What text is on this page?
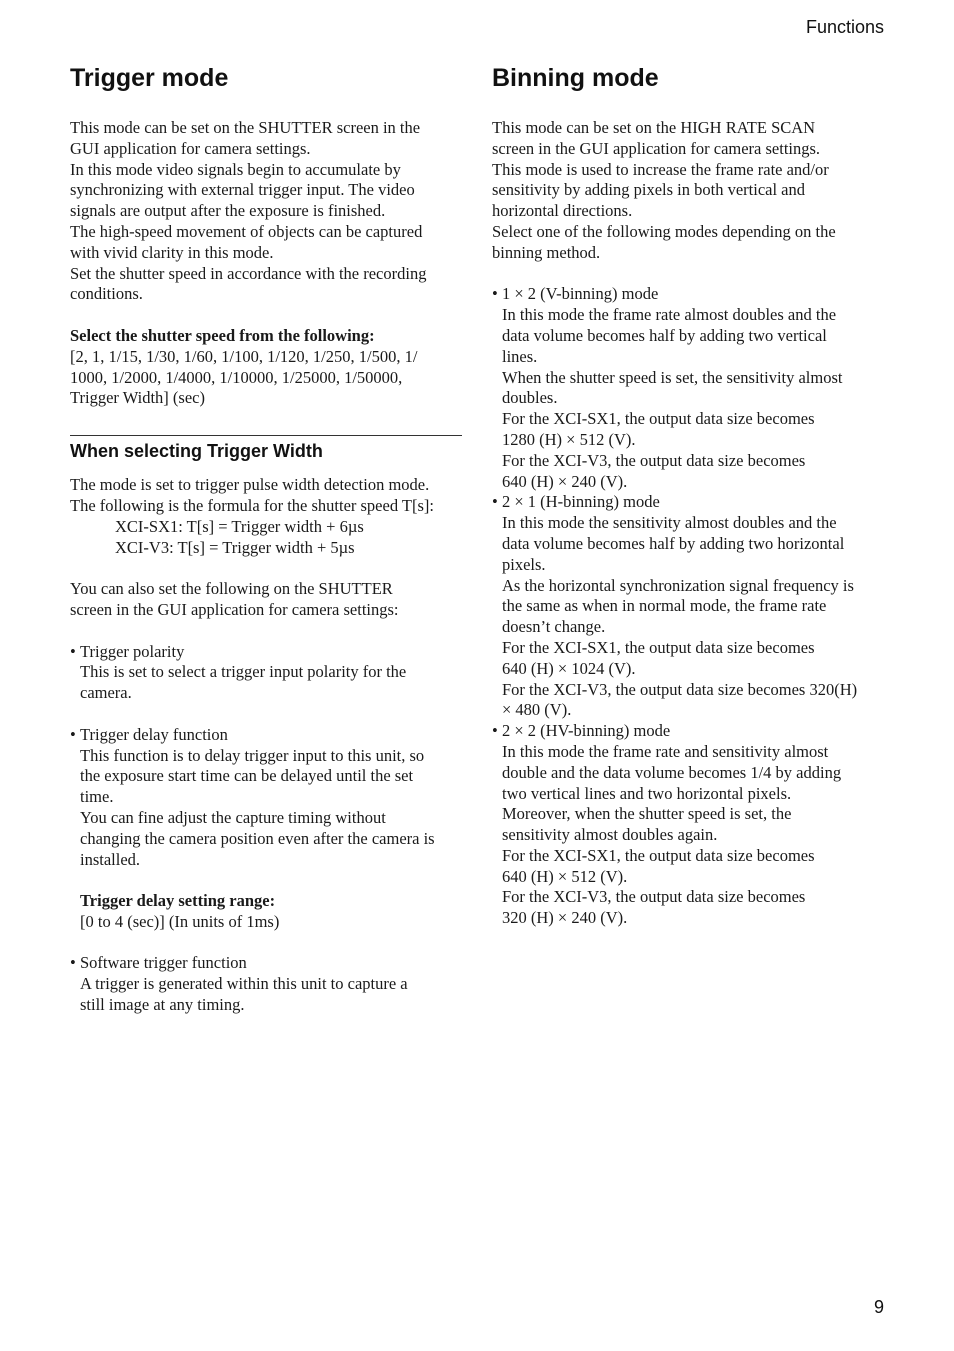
Functions
Trigger mode
This mode can be set on the SHUTTER screen in the
GUI application for camera settings.
In this mode video signals begin to accumulate by
synchronizing with external trigger input. The video
signals are output after the exposure is finished.
The high-speed movement of objects can be captured
with vivid clarity in this mode.
Set the shutter speed in accordance with the recording
conditions.
Select the shutter speed from the following:
[2, 1, 1/15, 1/30, 1/60, 1/100, 1/120, 1/250, 1/500, 1/
1000, 1/2000, 1/4000, 1/10000, 1/25000, 1/50000,
Trigger Width] (sec)
When selecting Trigger Width
The mode is set to trigger pulse width detection mode.
The following is the formula for the shutter speed T[s]:
XCI-SX1: T[s] = Trigger width + 6µs
XCI-V3: T[s] = Trigger width + 5µs
You can also set the following on the SHUTTER
screen in the GUI application for camera settings:
• Trigger polarity
This is set to select a trigger input polarity for the
camera.
• Trigger delay function
This function is to delay trigger input to this unit, so
the exposure start time can be delayed until the set
time.
You can fine adjust the capture timing without
changing the camera position even after the camera is
installed.
Trigger delay setting range:
[0 to 4 (sec)] (In units of 1ms)
• Software trigger function
A trigger is generated within this unit to capture a
still image at any timing.
Binning mode
This mode can be set on the HIGH RATE SCAN
screen in the GUI application for camera settings.
This mode is used to increase the frame rate and/or
sensitivity by adding pixels in both vertical and
horizontal directions.
Select one of the following modes depending on the
binning method.
• 1 × 2 (V-binning) mode
In this mode the frame rate almost doubles and the
data volume becomes half by adding two vertical
lines.
When the shutter speed is set, the sensitivity almost
doubles.
For the XCI-SX1, the output data size becomes
1280 (H) × 512 (V).
For the XCI-V3, the output data size becomes
640 (H) × 240 (V).
• 2 × 1 (H-binning) mode
In this mode the sensitivity almost doubles and the
data volume becomes half by adding two horizontal
pixels.
As the horizontal synchronization signal frequency is
the same as when in normal mode, the frame rate
doesn’t change.
For the XCI-SX1, the output data size becomes
640 (H) × 1024 (V).
For the XCI-V3, the output data size becomes 320(H)
× 480 (V).
• 2 × 2 (HV-binning) mode
In this mode the frame rate and sensitivity almost
double and the data volume becomes 1/4 by adding
two vertical lines and two horizontal pixels.
Moreover, when the shutter speed is set, the
sensitivity almost doubles again.
For the XCI-SX1, the output data size becomes
640 (H) × 512 (V).
For the XCI-V3, the output data size becomes
320 (H) × 240 (V).
9
